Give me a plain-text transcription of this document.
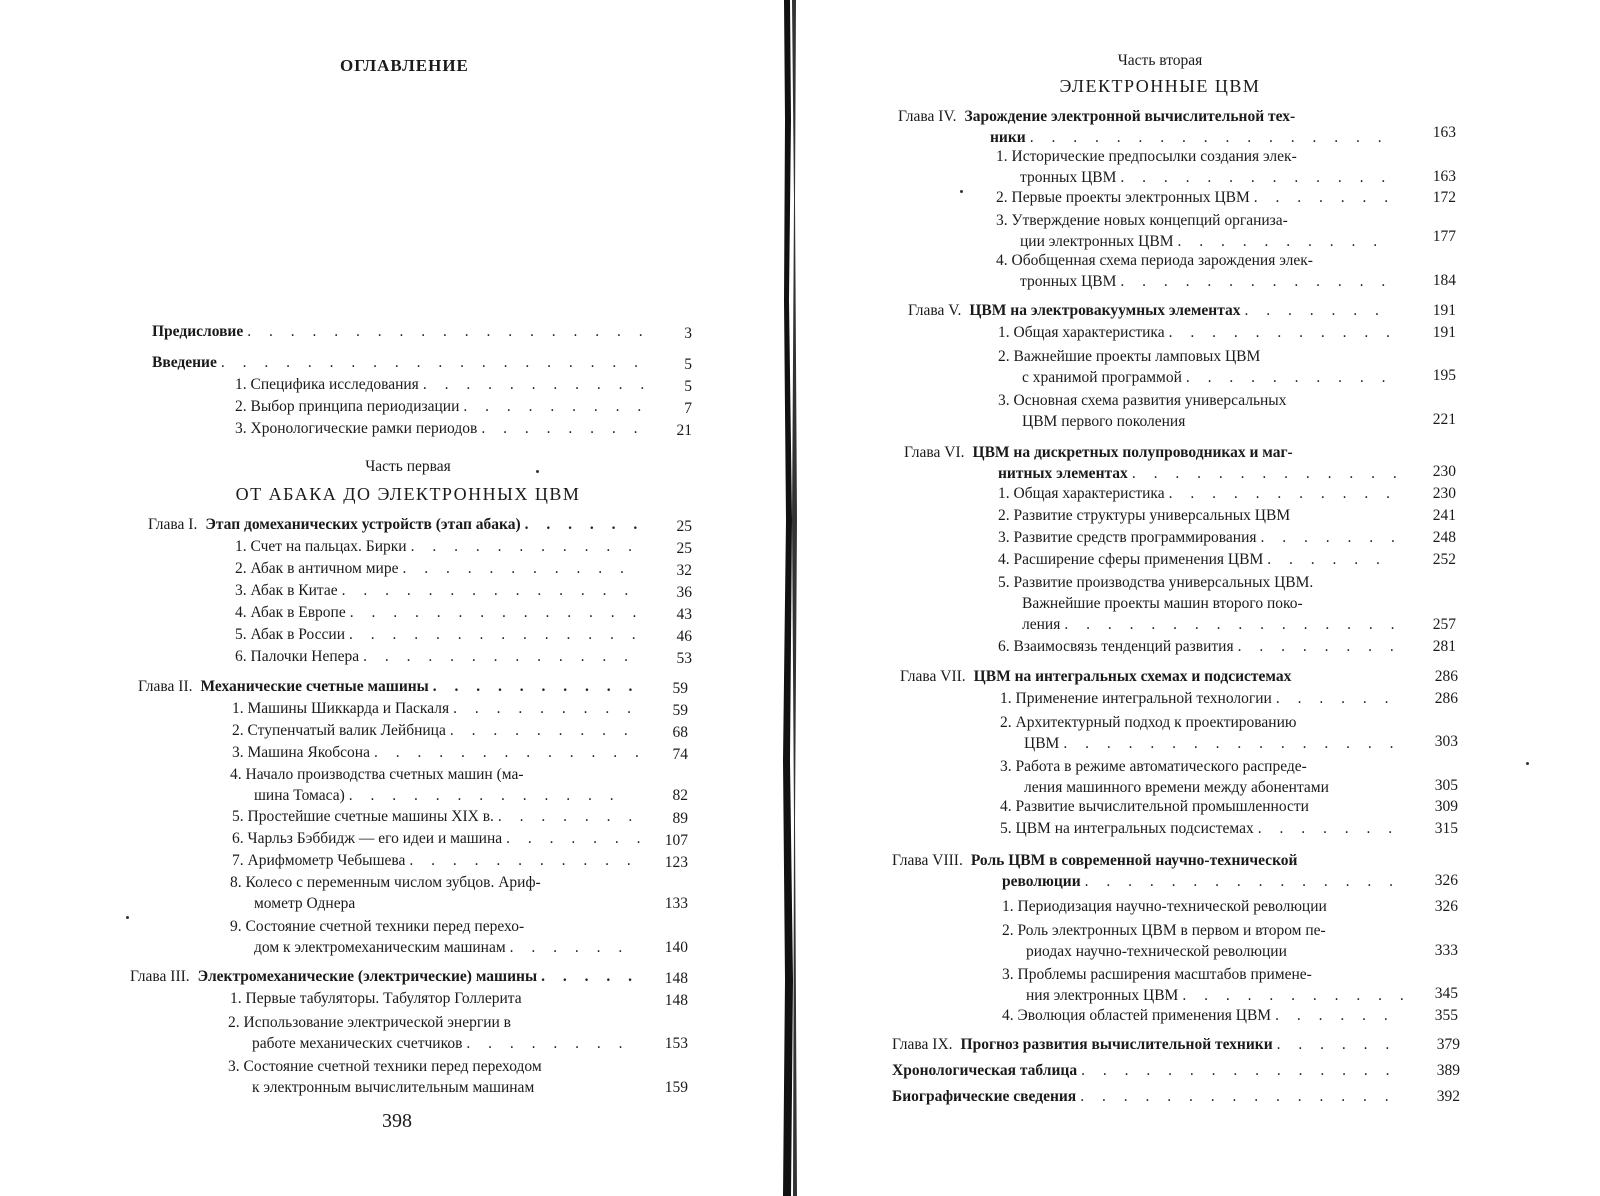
ОГЛАВЛЕНИЕ
Предисловие . . .	3
Введение . . .	5
1. Специфика исследования . . .	5
2. Выбор принципа периодизации . . .	7
3. Хронологические рамки периодов . . .	21
Часть первая
ОТ АБАКА ДО ЭЛЕКТРОННЫХ ЦВМ
Глава I. Этап домеханических устройств (этап абака) . . .	25
1. Счет на пальцах. Бирки . . .	25
2. Абак в античном мире . . .	32
3. Абак в Китае . . .	36
4. Абак в Европе . . .	43
5. Абак в России . . .	46
6. Палочки Непера . . .	53
Глава II. Механические счетные машины . . .	59
1. Машины Шиккарда и Паскаля . . .	59
2. Ступенчатый валик Лейбница . . .	68
3. Машина Якобсона . . .	74
4. Начало производства счетных машин (ма-
шина Томаса) . . .	82
5. Простейшие счетные машины XIX в. . . .	89
6. Чарльз Бэббидж — его идеи и машина . . .	107
7. Арифмометр Чебышева . . .	123
8. Колесо с переменным числом зубцов. Ариф-
мометр Однера	133
9. Состояние счетной техники перед перехо-
дом к электромеханическим машинам . . .	140
Глава III. Электромеханические (электрические) машины . . .	148
1. Первые табуляторы. Табулятор Голлерита	148
2. Использование электрической энергии в
работе механических счетчиков . . .	153
3. Состояние счетной техники перед переходом
к электронным вычислительным машинам	159
398
Часть вторая
ЭЛЕКТРОННЫЕ ЦВМ
Глава IV. Зарождение электронной вычислительной тех-
ники . . .	163
1. Исторические предпосылки создания элек-
тронных ЦВМ . . .	163
2. Первые проекты электронных ЦВМ . . .	172
3. Утверждение новых концепций организа-
ции электронных ЦВМ . . .	177
4. Обобщенная схема периода зарождения элек-
тронных ЦВМ . . .	184
Глава V. ЦВМ на электровакуумных элементах . . .	191
1. Общая характеристика . . .	191
2. Важнейшие проекты ламповых ЦВМ
с хранимой программой . . .	195
3. Основная схема развития универсальных
ЦВМ первого поколения	221
Глава VI. ЦВМ на дискретных полупроводниках и маг-
нитных элементах . . .	230
1. Общая характеристика . . .	230
2. Развитие структуры универсальных ЦВМ	241
3. Развитие средств программирования . . .	248
4. Расширение сферы применения ЦВМ . . .	252
5. Развитие производства универсальных ЦВМ.
Важнейшие проекты машин второго поко-
ления . . .	257
6. Взаимосвязь тенденций развития . . .	281
Глава VII. ЦВМ на интегральных схемах и подсистемах	286
1. Применение интегральной технологии . . .	286
2. Архитектурный подход к проектированию
ЦВМ . . .	303
3. Работа в режиме автоматического распреде-
ления машинного времени между абонентами	305
4. Развитие вычислительной промышленности	309
5. ЦВМ на интегральных подсистемах . . .	315
Глава VIII. Роль ЦВМ в современной научно-технической
революции . . .	326
1. Периодизация научно-технической революции	326
2. Роль электронных ЦВМ в первом и втором пе-
риодах научно-технической революции	333
3. Проблемы расширения масштабов примене-
ния электронных ЦВМ . . .	345
4. Эволюция областей применения ЦВМ . . .	355
Глава IX. Прогноз развития вычислительной техники . . .	379
Хронологическая таблица . . .	389
Биографические сведения . . .	392
